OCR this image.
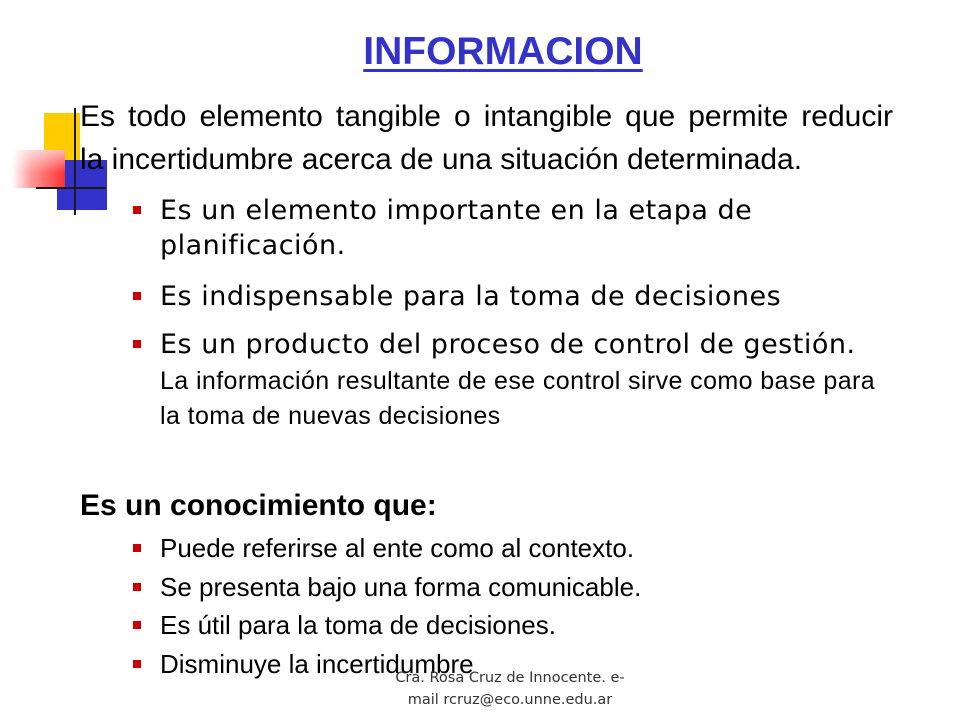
INFORMACION
Es todo elemento tangible o intangible que permite reducir
la incertidumbre acerca de una situación determinada.
Es un elemento importante en la etapa de
planificación.
Es indispensable para la toma de decisiones
Es un producto del proceso de control de gestión.
La información resultante de ese control sirve como base para
la toma de nuevas decisiones
Es un conocimiento que:
Puede referirse al ente como al contexto.
Se presenta bajo una forma comunicable.
Es útil para la toma de decisiones.
Disminuye la incertidumbre
Cra. Rosa Cruz de Innocente. e-
mail rcruz@eco.unne.edu.ar
